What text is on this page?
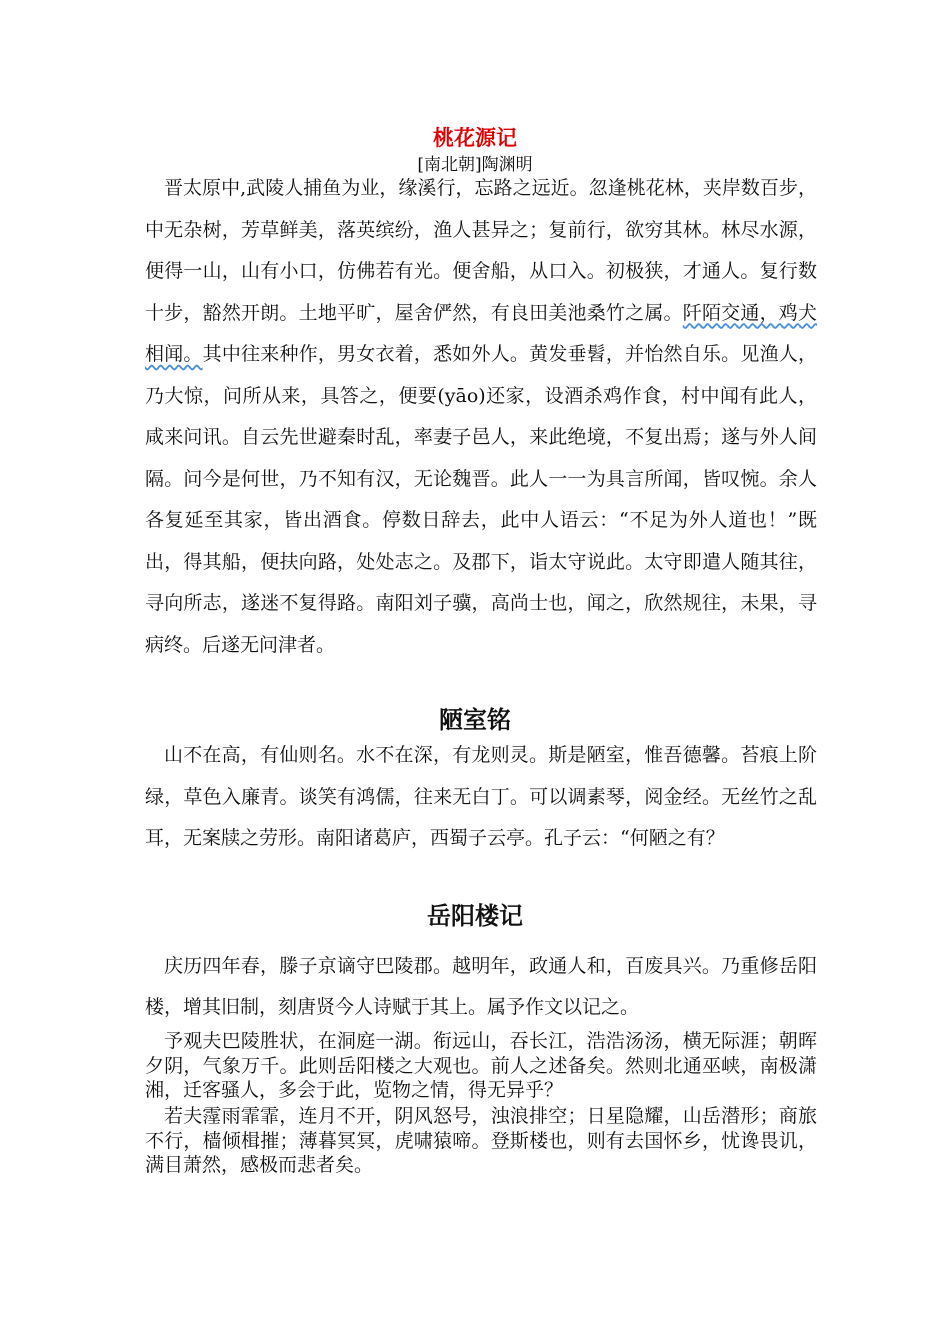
桃花源记
[南北朝]陶渊明

晋太原中,武陵人捕鱼为业，缘溪行，忘路之远近。忽逢桃花林，夹岸数百步，中无杂树，芳草鲜美，落英缤纷，渔人甚异之；复前行，欲穷其林。林尽水源，便得一山，山有小口，仿佛若有光。便舍船，从口入。初极狭，才通人。复行数十步，豁然开朗。土地平旷，屋舍俨然，有良田美池桑竹之属。阡陌交通，鸡犬相闻。其中往来种作，男女衣着，悉如外人。黄发垂髫，并怡然自乐。见渔人，乃大惊，问所从来，具答之，便要(yāo)还家，设酒杀鸡作食，村中闻有此人，咸来问讯。自云先世避秦时乱，率妻子邑人，来此绝境，不复出焉；遂与外人间隔。问今是何世，乃不知有汉，无论魏晋。此人一一为具言所闻，皆叹惋。余人各复延至其家，皆出酒食。停数日辞去，此中人语云：“不足为外人道也！”既出，得其船，便扶向路，处处志之。及郡下，诣太守说此。太守即遣人随其往，寻向所志，遂迷不复得路。南阳刘子骥，高尚士也，闻之，欣然规往，未果，寻病终。后遂无问津者。

陋室铭

山不在高，有仙则名。水不在深，有龙则灵。斯是陋室，惟吾德馨。苔痕上阶绿，草色入廉青。谈笑有鸿儒，往来无白丁。可以调素琴，阅金经。无丝竹之乱耳，无案牍之劳形。南阳诸葛庐，西蜀子云亭。孔子云：“何陋之有？

岳阳楼记

庆历四年春，滕子京谪守巴陵郡。越明年，政通人和，百废具兴。乃重修岳阳楼，增其旧制，刻唐贤今人诗赋于其上。属予作文以记之。

予观夫巴陵胜状，在洞庭一湖。衔远山，吞长江，浩浩汤汤，横无际涯；朝晖夕阴，气象万千。此则岳阳楼之大观也。前人之述备矣。然则北通巫峡，南极潇湘，迁客骚人，多会于此，览物之情，得无异乎？

若夫霪雨霏霏，连月不开，阴风怒号，浊浪排空；日星隐耀，山岳潜形；商旅不行，樯倾楫摧；薄暮冥冥，虎啸猿啼。登斯楼也，则有去国怀乡，忧谗畏讥，满目萧然，感极而悲者矣。
